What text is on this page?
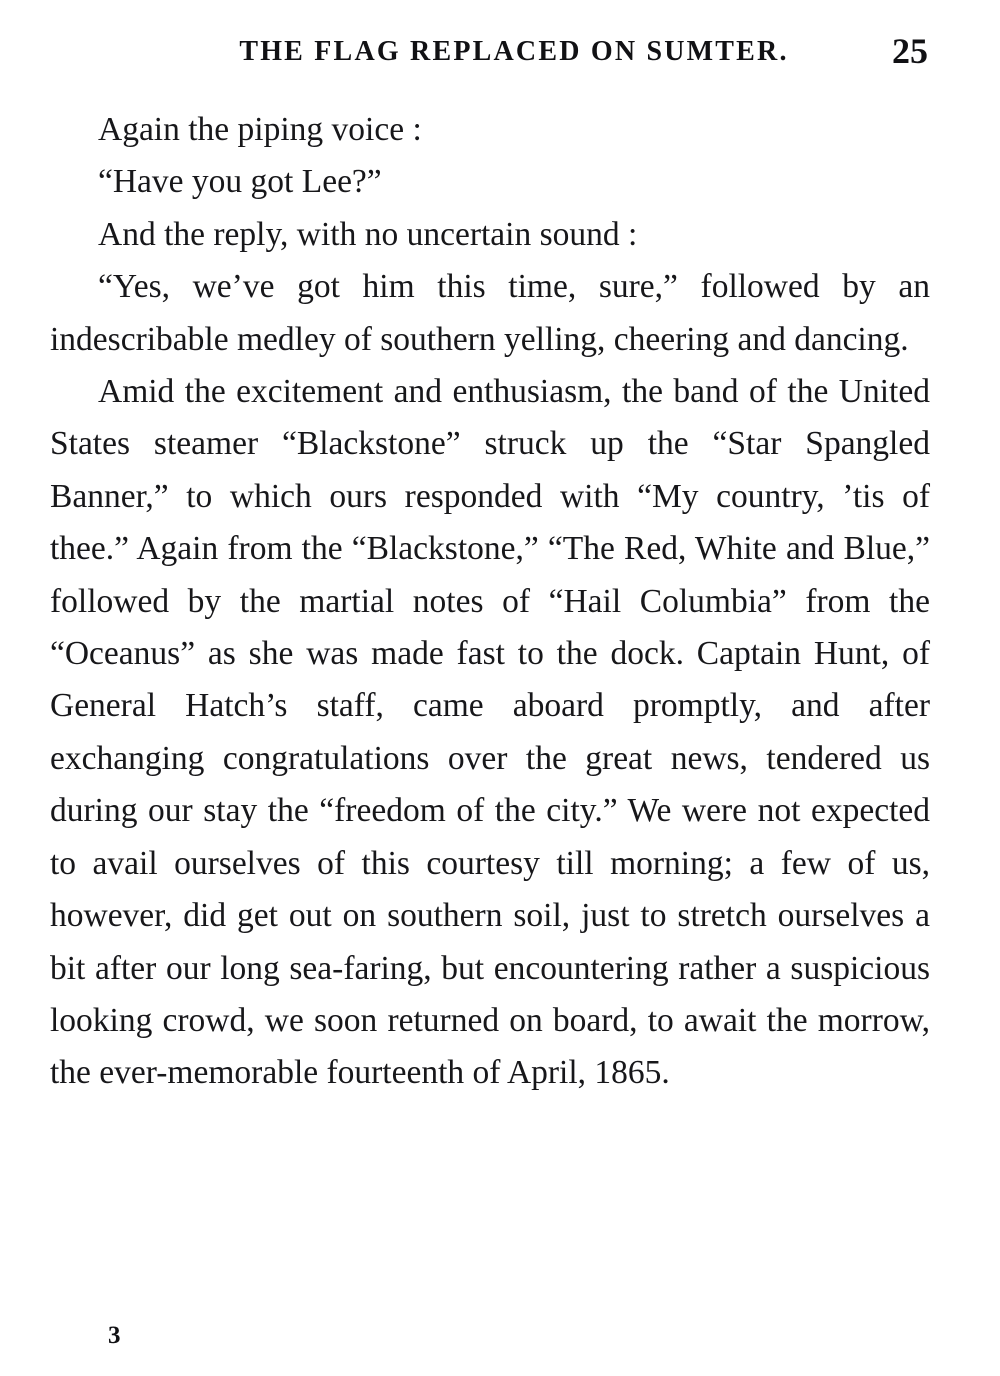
THE FLAG REPLACED ON SUMTER.	25
Again the piping voice :
“Have you got Lee?”
And the reply, with no uncertain sound :

“Yes, we’ve got him this time, sure,” followed by an indescribable medley of southern yelling, cheering and dancing.

Amid the excitement and enthusiasm, the band of the United States steamer “Blackstone” struck up the “Star Spangled Banner,” to which ours responded with “My country, ’tis of thee.” Again from the “Blackstone,” “The Red, White and Blue,” followed by the martial notes of “Hail Columbia” from the “Oceanus” as she was made fast to the dock. Captain Hunt, of General Hatch’s staff, came aboard promptly, and after exchanging congratulations over the great news, tendered us during our stay the “freedom of the city.” We were not expected to avail ourselves of this courtesy till morning; a few of us, however, did get out on southern soil, just to stretch ourselves a bit after our long sea-faring, but encountering rather a suspicious looking crowd, we soon returned on board, to await the morrow, the ever-memorable fourteenth of April, 1865.

3
